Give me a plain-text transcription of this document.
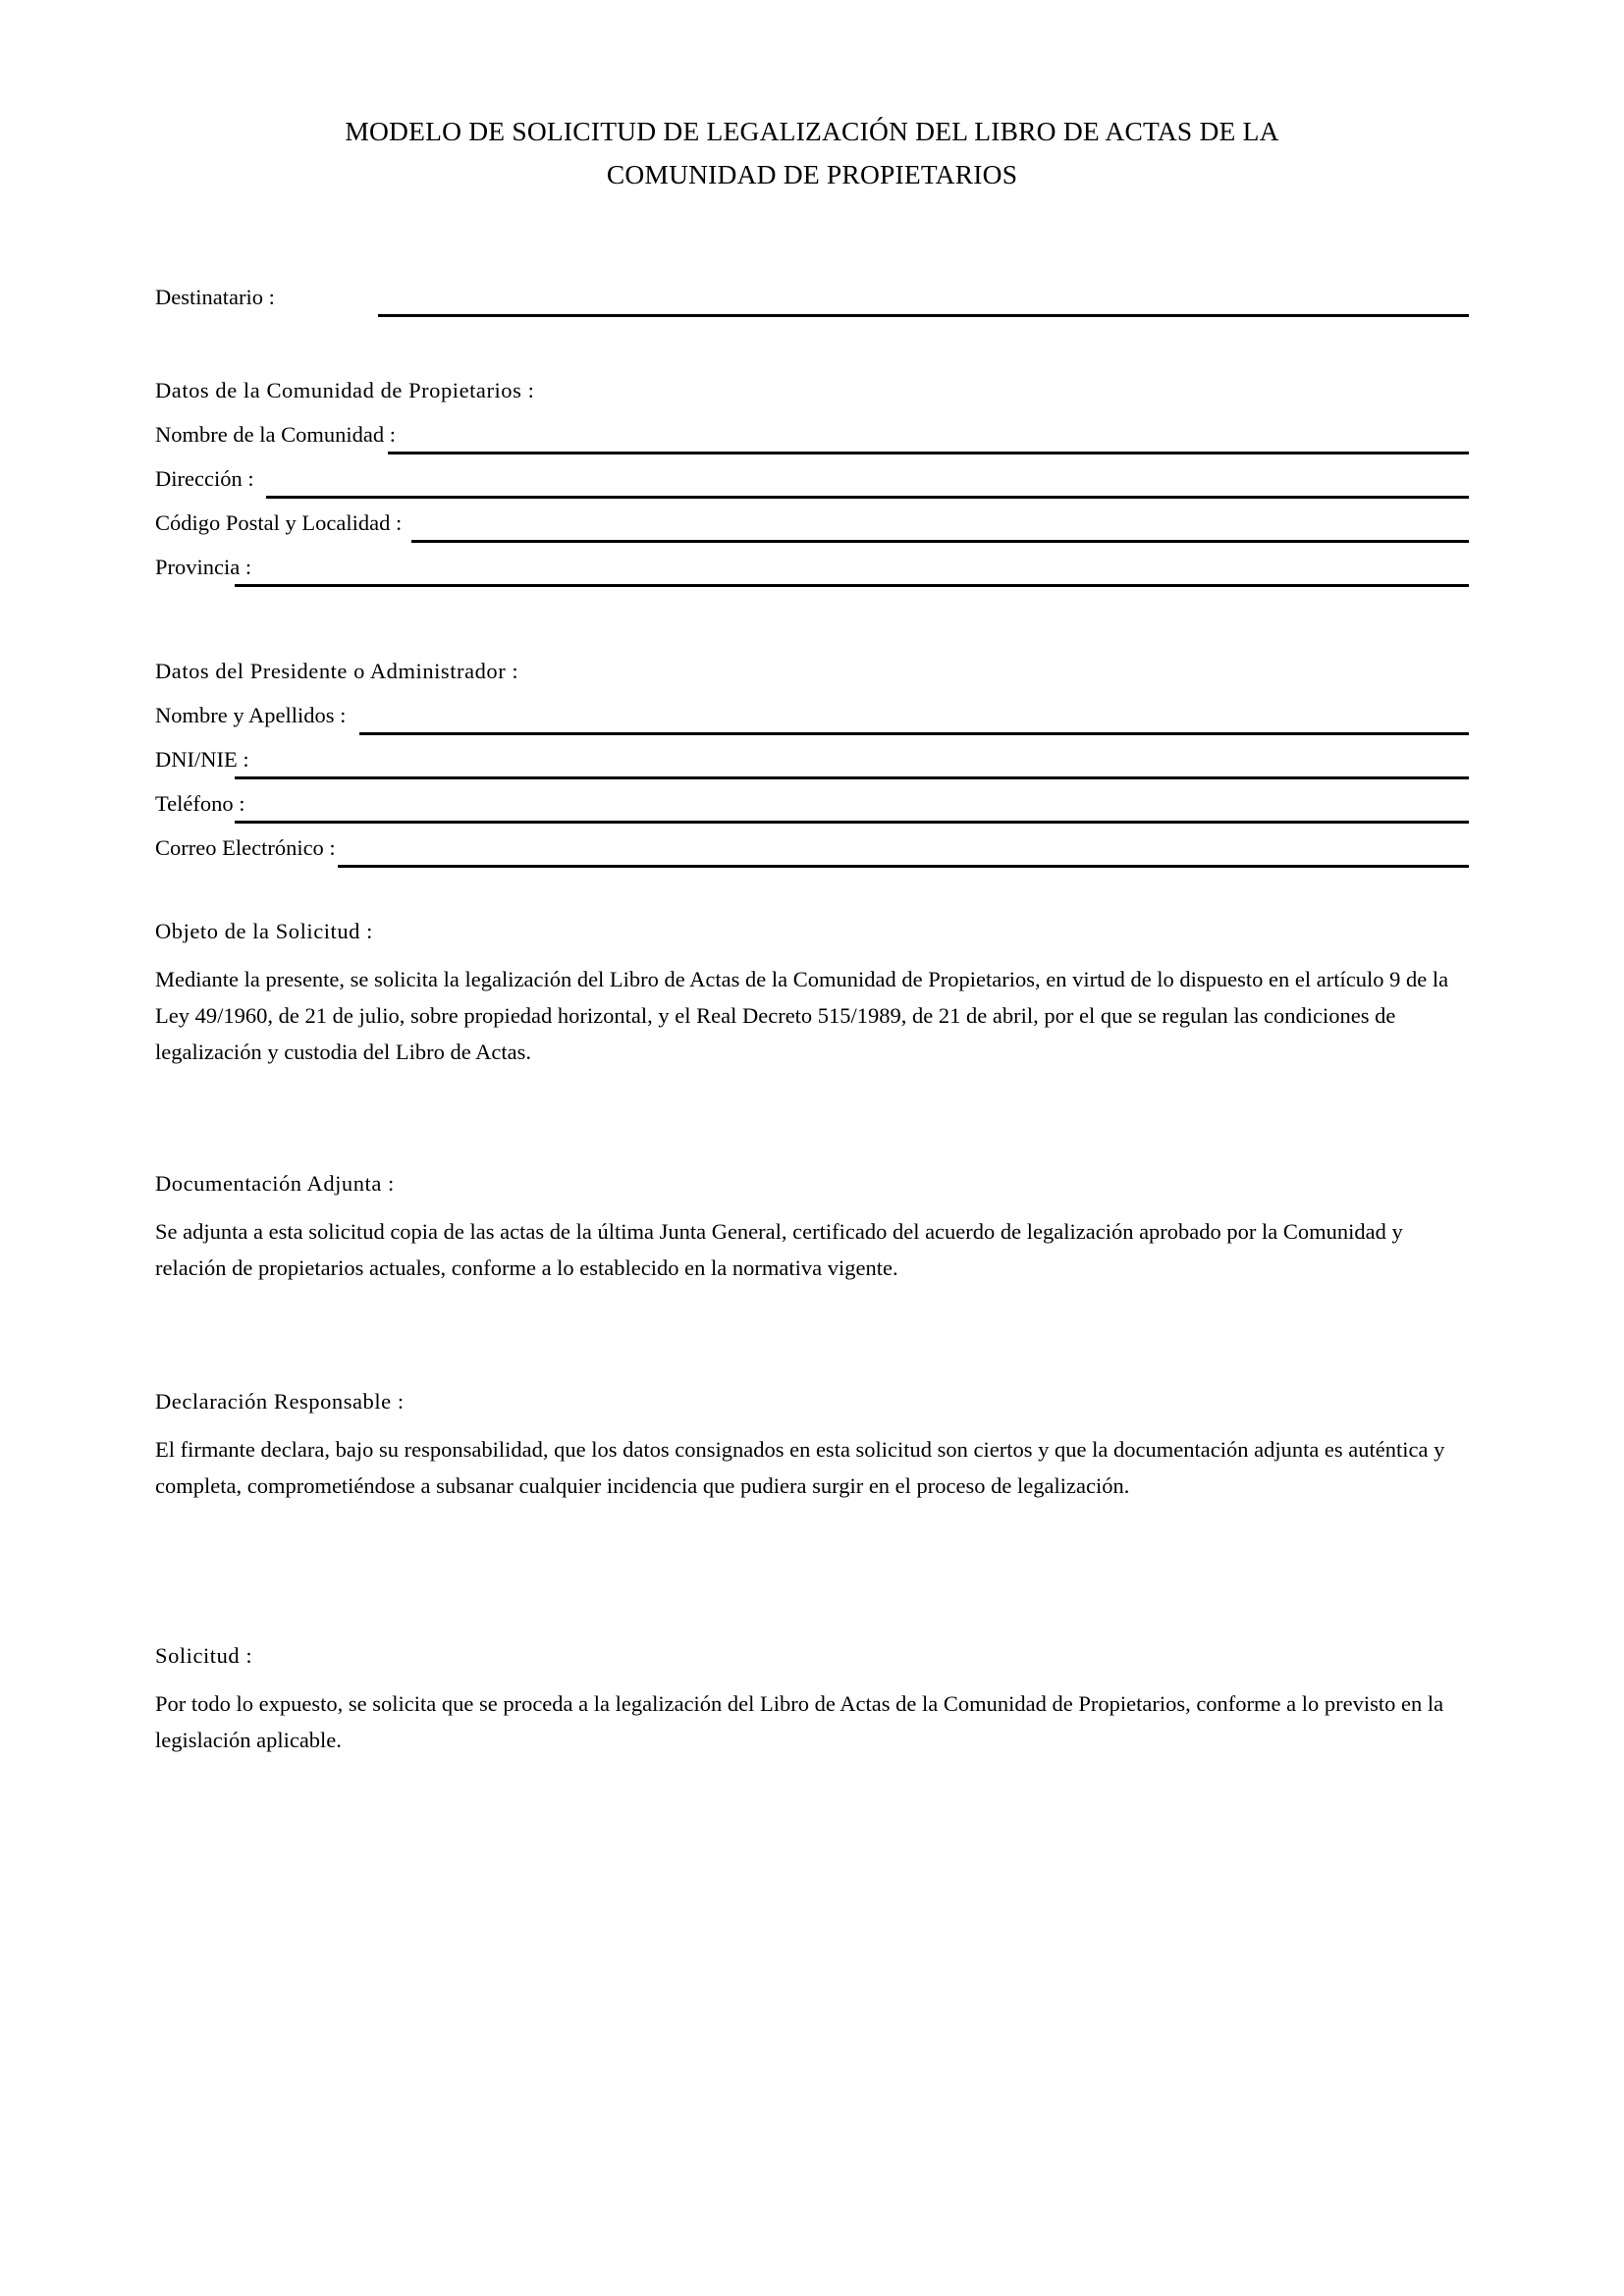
MODELO DE SOLICITUD DE LEGALIZACIÓN DEL LIBRO DE ACTAS DE LA
COMUNIDAD DE PROPIETARIOS
Destinatario :
Datos de la Comunidad de Propietarios :
Nombre de la Comunidad :
Dirección :
Código Postal y Localidad :
Provincia :
Datos del Presidente o Administrador :
Nombre y Apellidos :
DNI/NIE :
Teléfono :
Correo Electrónico :
Objeto de la Solicitud :

Mediante la presente, se solicita la legalización del Libro de Actas de la Comunidad de Propietarios, en virtud de lo dispuesto en el artículo 9 de la Ley 49/1960, de 21 de julio, sobre propiedad horizontal, y el Real Decreto 515/1989, de 21 de abril, por el que se regulan las condiciones de legalización y custodia del Libro de Actas.

Documentación Adjunta :

Se adjunta a esta solicitud copia de las actas de la última Junta General, certificado del acuerdo de legalización aprobado por la Comunidad y relación de propietarios actuales, conforme a lo establecido en la normativa vigente.

Declaración Responsable :

El firmante declara, bajo su responsabilidad, que los datos consignados en esta solicitud son ciertos y que la documentación adjunta es auténtica y completa, comprometiéndose a subsanar cualquier incidencia que pudiera surgir en el proceso de legalización.

Solicitud :

Por todo lo expuesto, se solicita que se proceda a la legalización del Libro de Actas de la Comunidad de Propietarios, conforme a lo previsto en la legislación aplicable.
